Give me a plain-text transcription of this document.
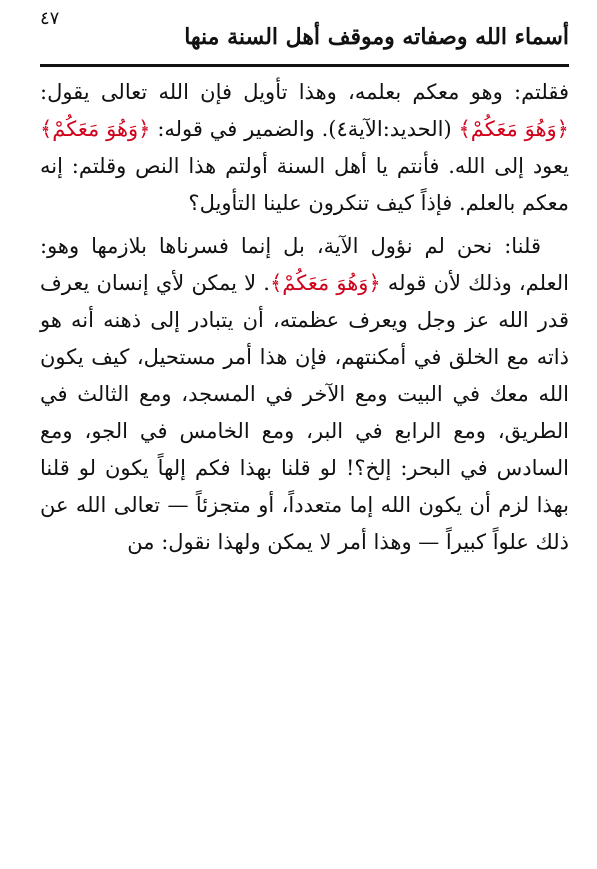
٤٧
أسماء الله وصفاته وموقف أهل السنة منها

فقلتم: وهو معكم بعلمه، وهذا تأويل فإن الله تعالى يقول: ﴿وَهُوَ مَعَكُمْ﴾ (الحديد:الآية٤). والضمير في قوله: ﴿وَهُوَ مَعَكُمْ﴾ يعود إلى الله. فأنتم يا أهل السنة أولتم هذا النص وقلتم: إنه معكم بالعلم. فإذاً كيف تنكرون علينا التأويل؟

قلنا: نحن لم نؤول الآية، بل إنما فسرناها بلازمها وهو: العلم، وذلك لأن قوله ﴿وَهُوَ مَعَكُمْ﴾. لا يمكن لأي إنسان يعرف قدر الله عز وجل ويعرف عظمته، أن يتبادر إلى ذهنه أنه هو ذاته مع الخلق في أمكنتهم، فإن هذا أمر مستحيل، كيف يكون الله معك في البيت ومع الآخر في المسجد، ومع الثالث في الطريق، ومع الرابع في البر، ومع الخامس في الجو، ومع السادس في البحر: إلخ؟! لو قلنا بهذا فكم إلهاً يكون لو قلنا بهذا لزم أن يكون الله إما متعدداً، أو متجزئاً — تعالى الله عن ذلك علواً كبيراً — وهذا أمر لا يمكن ولهذا نقول: من
